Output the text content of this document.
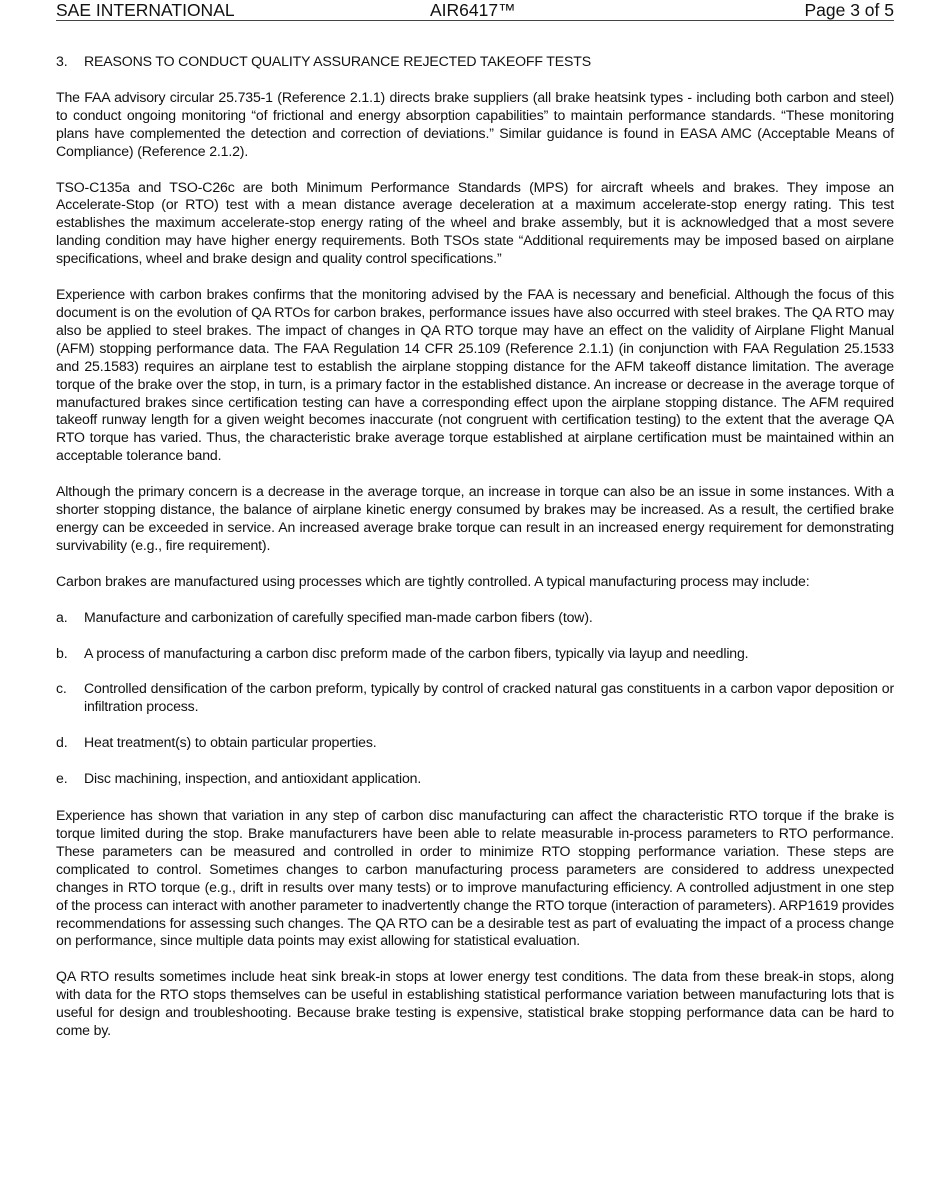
SAE INTERNATIONAL	AIR6417™	Page 3 of 5
3.	REASONS TO CONDUCT QUALITY ASSURANCE REJECTED TAKEOFF TESTS

The FAA advisory circular 25.735-1 (Reference 2.1.1) directs brake suppliers (all brake heatsink types - including both carbon and steel) to conduct ongoing monitoring “of frictional and energy absorption capabilities” to maintain performance standards. “These monitoring plans have complemented the detection and correction of deviations.” Similar guidance is found in EASA AMC (Acceptable Means of Compliance) (Reference 2.1.2).

TSO-C135a and TSO-C26c are both Minimum Performance Standards (MPS) for aircraft wheels and brakes. They impose an Accelerate-Stop (or RTO) test with a mean distance average deceleration at a maximum accelerate-stop energy rating. This test establishes the maximum accelerate-stop energy rating of the wheel and brake assembly, but it is acknowledged that a most severe landing condition may have higher energy requirements. Both TSOs state “Additional requirements may be imposed based on airplane specifications, wheel and brake design and quality control specifications.”

Experience with carbon brakes confirms that the monitoring advised by the FAA is necessary and beneficial. Although the focus of this document is on the evolution of QA RTOs for carbon brakes, performance issues have also occurred with steel brakes. The QA RTO may also be applied to steel brakes. The impact of changes in QA RTO torque may have an effect on the validity of Airplane Flight Manual (AFM) stopping performance data. The FAA Regulation 14 CFR 25.109 (Reference 2.1.1) (in conjunction with FAA Regulation 25.1533 and 25.1583) requires an airplane test to establish the airplane stopping distance for the AFM takeoff distance limitation. The average torque of the brake over the stop, in turn, is a primary factor in the established distance. An increase or decrease in the average torque of manufactured brakes since certification testing can have a corresponding effect upon the airplane stopping distance. The AFM required takeoff runway length for a given weight becomes inaccurate (not congruent with certification testing) to the extent that the average QA RTO torque has varied. Thus, the characteristic brake average torque established at airplane certification must be maintained within an acceptable tolerance band.

Although the primary concern is a decrease in the average torque, an increase in torque can also be an issue in some instances. With a shorter stopping distance, the balance of airplane kinetic energy consumed by brakes may be increased. As a result, the certified brake energy can be exceeded in service. An increased average brake torque can result in an increased energy requirement for demonstrating survivability (e.g., fire requirement).

Carbon brakes are manufactured using processes which are tightly controlled. A typical manufacturing process may include:

a.	Manufacture and carbonization of carefully specified man-made carbon fibers (tow).
b.	A process of manufacturing a carbon disc preform made of the carbon fibers, typically via layup and needling.
c.	Controlled densification of the carbon preform, typically by control of cracked natural gas constituents in a carbon vapor deposition or infiltration process.
d.	Heat treatment(s) to obtain particular properties.
e.	Disc machining, inspection, and antioxidant application.

Experience has shown that variation in any step of carbon disc manufacturing can affect the characteristic RTO torque if the brake is torque limited during the stop. Brake manufacturers have been able to relate measurable in-process parameters to RTO performance. These parameters can be measured and controlled in order to minimize RTO stopping performance variation. These steps are complicated to control. Sometimes changes to carbon manufacturing process parameters are considered to address unexpected changes in RTO torque (e.g., drift in results over many tests) or to improve manufacturing efficiency. A controlled adjustment in one step of the process can interact with another parameter to inadvertently change the RTO torque (interaction of parameters). ARP1619 provides recommendations for assessing such changes. The QA RTO can be a desirable test as part of evaluating the impact of a process change on performance, since multiple data points may exist allowing for statistical evaluation.

QA RTO results sometimes include heat sink break-in stops at lower energy test conditions. The data from these break-in stops, along with data for the RTO stops themselves can be useful in establishing statistical performance variation between manufacturing lots that is useful for design and troubleshooting. Because brake testing is expensive, statistical brake stopping performance data can be hard to come by.
